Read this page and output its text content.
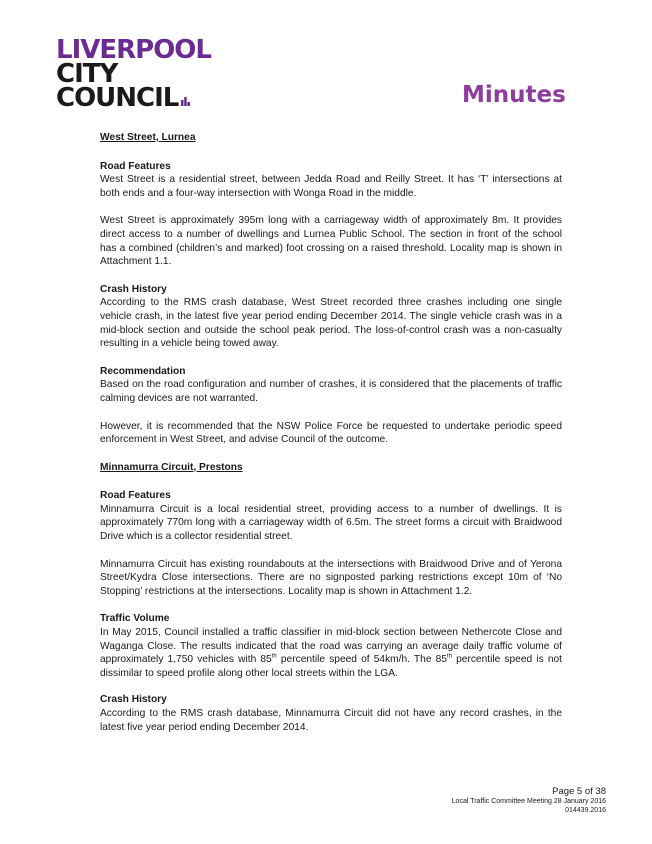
LIVERPOOL
CITY
COUNCIL	Minutes
West Street, Lurnea
Road Features

West Street is a residential street, between Jedda Road and Reilly Street. It has ‘T’ intersections at both ends and a four-way intersection with Wonga Road in the middle.

West Street is approximately 395m long with a carriageway width of approximately 8m. It provides direct access to a number of dwellings and Lurnea Public School. The section in front of the school has a combined (children’s and marked) foot crossing on a raised threshold. Locality map is shown in Attachment 1.1.

Crash History

According to the RMS crash database, West Street recorded three crashes including one single vehicle crash, in the latest five year period ending December 2014. The single vehicle crash was in a mid-block section and outside the school peak period. The loss-of-control crash was a non-casualty resulting in a vehicle being towed away.

Recommendation

Based on the road configuration and number of crashes, it is considered that the placements of traffic calming devices are not warranted.

However, it is recommended that the NSW Police Force be requested to undertake periodic speed enforcement in West Street, and advise Council of the outcome.

Minnamurra Circuit, Prestons
Road Features

Minnamurra Circuit is a local residential street, providing access to a number of dwellings. It is approximately 770m long with a carriageway width of 6.5m. The street forms a circuit with Braidwood Drive which is a collector residential street.

Minnamurra Circuit has existing roundabouts at the intersections with Braidwood Drive and of Yerona Street/Kydra Close intersections. There are no signposted parking restrictions except 10m of ‘No Stopping’ restrictions at the intersections. Locality map is shown in Attachment 1.2.

Traffic Volume

In May 2015, Council installed a traffic classifier in mid-block section between Nethercote Close and Waganga Close. The results indicated that the road was carrying an average daily traffic volume of approximately 1,750 vehicles with 85th percentile speed of 54km/h. The 85th percentile speed is not dissimilar to speed profile along other local streets within the LGA.

Crash History

According to the RMS crash database, Minnamurra Circuit did not have any record crashes, in the latest five year period ending December 2014.

Page 5 of 38
Local Traffic Committee Meeting 28 January 2016
014439.2016
